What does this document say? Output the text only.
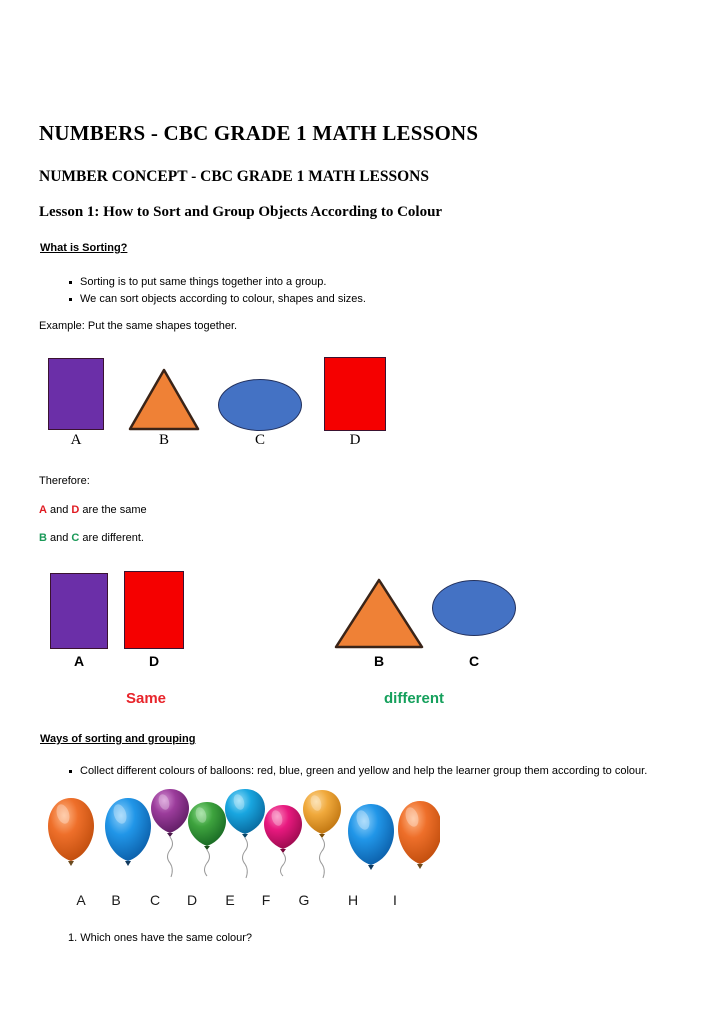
NUMBERS - CBC GRADE 1 MATH LESSONS
NUMBER CONCEPT - CBC GRADE 1 MATH LESSONS
Lesson 1: How to Sort and Group Objects According to Colour
What is Sorting?
Sorting is to put same things together into a group.
We can sort objects according to colour, shapes and sizes.
Example: Put the same shapes together.
A	B	C	D
Therefore:
A and D are the same
B and C are different.
A	D	B	C
Same	different
Ways of sorting and grouping
Collect different colours of balloons: red, blue, green and yellow and help the learner group them according to colour.
A	B	C	D	E	F	G	H	I
1. Which ones have the same colour?
